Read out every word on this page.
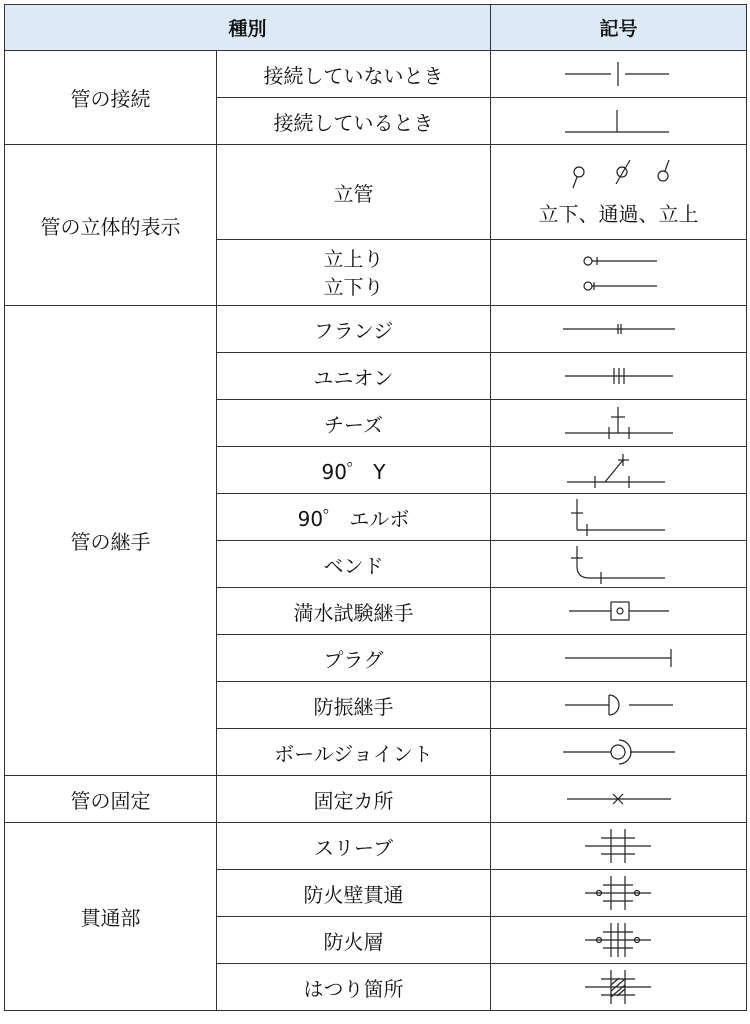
種別		記号
管の接続	接続していないとき	

	接続しているとき	

管の立体的表示	立管	立下、通過、立上

	立上り
立下り

管の継手	フランジ	

	ユニオン	

	チーズ	

	90゜ Y	

	90゜ エルボ	

	ベンド	

	満水試験継手	

	プラグ	

	防振継手	

	ボールジョイント	

管の固定	固定カ所	

貫通部	スリーブ	

	防火壁貫通	

	防火層	

	はつり箇所	
